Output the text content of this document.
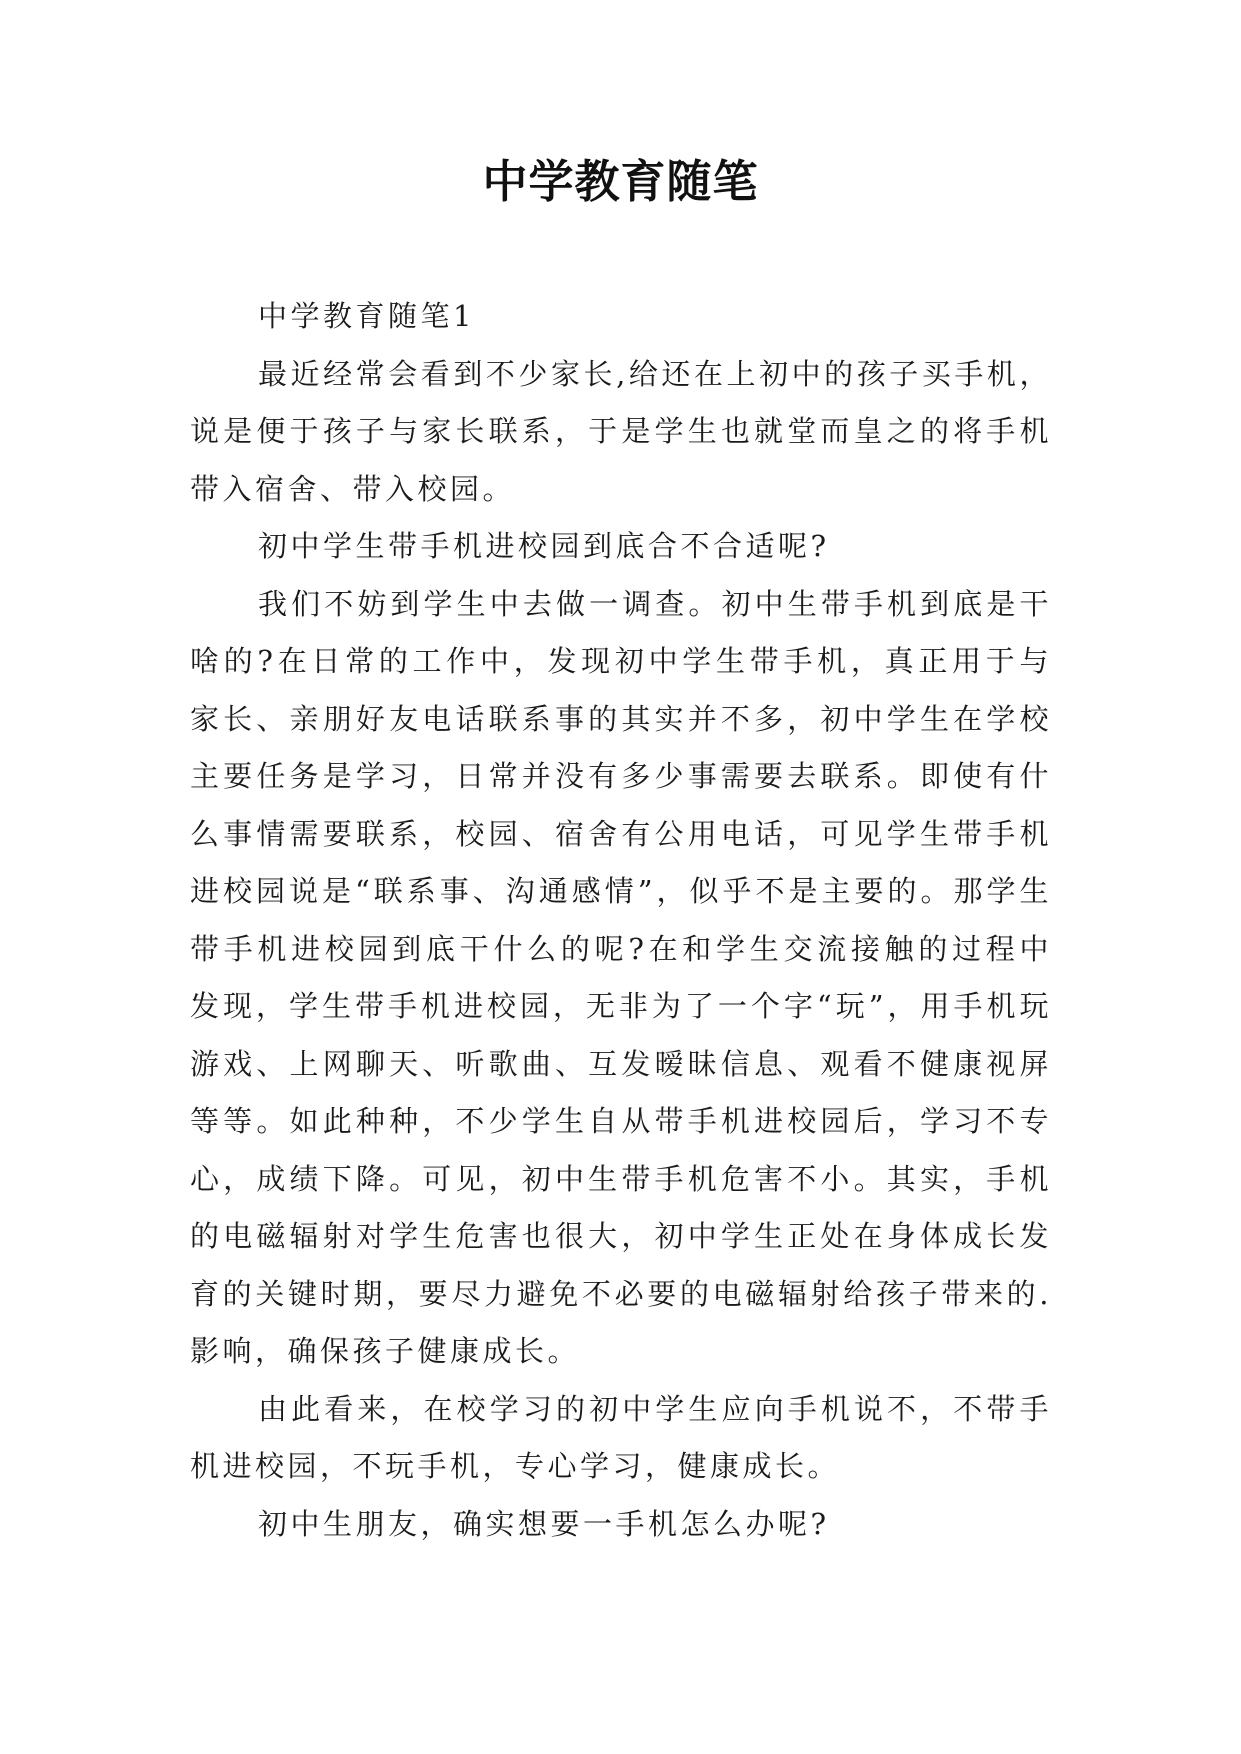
中学教育随笔

中学教育随笔1

最近经常会看到不少家长,给还在上初中的孩子买手机，说是便于孩子与家长联系，于是学生也就堂而皇之的将手机带入宿舍、带入校园。

初中学生带手机进校园到底合不合适呢?

我们不妨到学生中去做一调查。初中生带手机到底是干啥的?在日常的工作中，发现初中学生带手机，真正用于与家长、亲朋好友电话联系事的其实并不多，初中学生在学校主要任务是学习，日常并没有多少事需要去联系。即使有什么事情需要联系，校园、宿舍有公用电话，可见学生带手机进校园说是“联系事、沟通感情”，似乎不是主要的。那学生带手机进校园到底干什么的呢?在和学生交流接触的过程中发现，学生带手机进校园，无非为了一个字“玩”，用手机玩游戏、上网聊天、听歌曲、互发暧昧信息、观看不健康视屏等等。如此种种，不少学生自从带手机进校园后，学习不专心，成绩下降。可见，初中生带手机危害不小。其实，手机的电磁辐射对学生危害也很大，初中学生正处在身体成长发育的关键时期，要尽力避免不必要的电磁辐射给孩子带来的.影响，确保孩子健康成长。

由此看来，在校学习的初中学生应向手机说不，不带手机进校园，不玩手机，专心学习，健康成长。

初中生朋友，确实想要一手机怎么办呢?
